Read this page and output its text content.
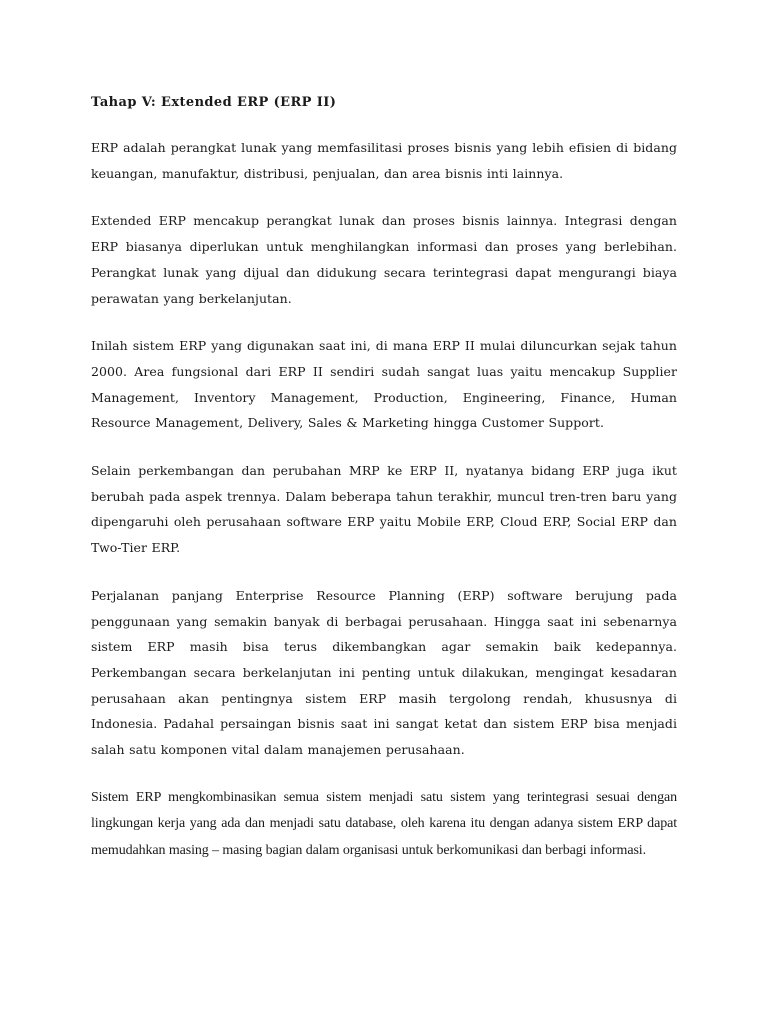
Tahap V: Extended ERP (ERP II)

ERP adalah perangkat lunak yang memfasilitasi proses bisnis yang lebih efisien di bidang keuangan, manufaktur, distribusi, penjualan, dan area bisnis inti lainnya.

Extended ERP mencakup perangkat lunak dan proses bisnis lainnya. Integrasi dengan ERP biasanya diperlukan untuk menghilangkan informasi dan proses yang berlebihan. Perangkat lunak yang dijual dan didukung secara terintegrasi dapat mengurangi biaya perawatan yang berkelanjutan.

Inilah sistem ERP yang digunakan saat ini, di mana ERP II mulai diluncurkan sejak tahun 2000. Area fungsional dari ERP II sendiri sudah sangat luas yaitu mencakup Supplier Management, Inventory Management, Production, Engineering, Finance, Human Resource Management, Delivery, Sales & Marketing hingga Customer Support.

Selain perkembangan dan perubahan MRP ke ERP II, nyatanya bidang ERP juga ikut berubah pada aspek trennya. Dalam beberapa tahun terakhir, muncul tren-tren baru yang dipengaruhi oleh perusahaan software ERP yaitu Mobile ERP, Cloud ERP, Social ERP dan Two-Tier ERP.

Perjalanan panjang Enterprise Resource Planning (ERP) software berujung pada penggunaan yang semakin banyak di berbagai perusahaan. Hingga saat ini sebenarnya sistem ERP masih bisa terus dikembangkan agar semakin baik kedepannya. Perkembangan secara berkelanjutan ini penting untuk dilakukan, mengingat kesadaran perusahaan akan pentingnya sistem ERP masih tergolong rendah, khususnya di Indonesia. Padahal persaingan bisnis saat ini sangat ketat dan sistem ERP bisa menjadi salah satu komponen vital dalam manajemen perusahaan.

Sistem ERP mengkombinasikan semua sistem menjadi satu sistem yang terintegrasi sesuai dengan lingkungan kerja yang ada dan menjadi satu database, oleh karena itu dengan adanya sistem ERP dapat memudahkan masing – masing bagian dalam organisasi untuk berkomunikasi dan berbagi informasi.
